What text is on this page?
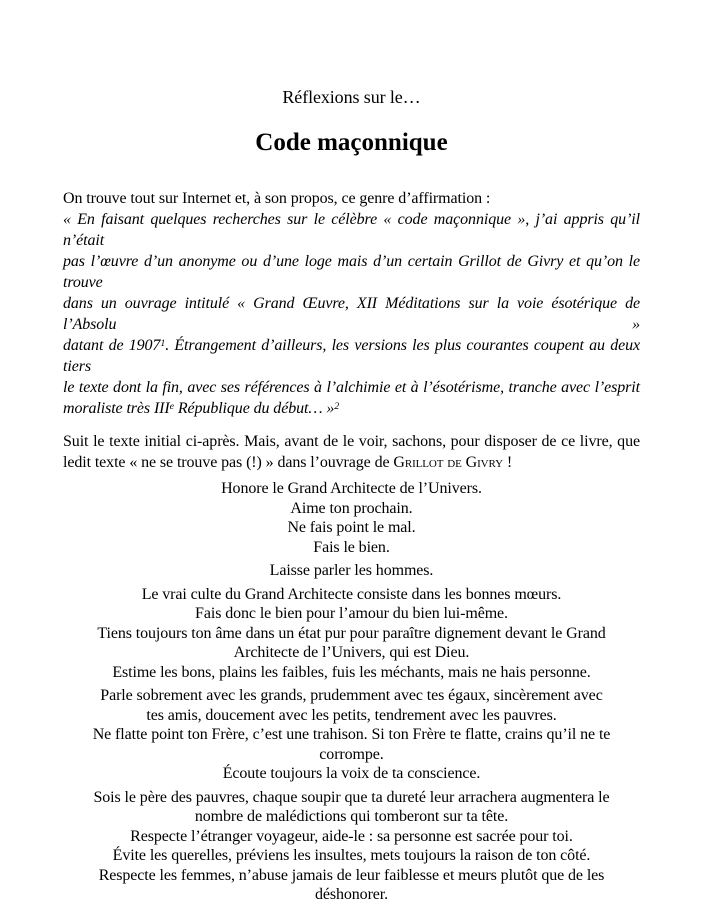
Réflexions sur le…
Code maçonnique
On trouve tout sur Internet et, à son propos, ce genre d’affirmation :
« En faisant quelques recherches sur le célèbre « code maçonnique », j’ai appris qu’il n’était
pas l’œuvre d’un anonyme ou d’une loge mais d’un certain Grillot de Givry et qu’on le trouve
dans un ouvrage intitulé « Grand Œuvre, XII Méditations sur la voie ésotérique de l’Absolu »
datant de 1907$^1$. Étrangement d’ailleurs, les versions les plus courantes coupent au deux tiers
le texte dont la fin, avec ses références à l’alchimie et à l’ésotérisme, tranche avec l’esprit
moraliste très IIIe République du début… »$^2$
Suit le texte initial ci-après. Mais, avant de le voir, sachons, pour disposer de ce livre, que
ledit texte « ne se trouve pas (!) » dans l’ouvrage de Grillot de Givry !
Honore le Grand Architecte de l’Univers.
Aime ton prochain.
Ne fais point le mal.
Fais le bien.
Laisse parler les hommes.
Le vrai culte du Grand Architecte consiste dans les bonnes mœurs.
Fais donc le bien pour l’amour du bien lui-même.
Tiens toujours ton âme dans un état pur pour paraître dignement devant le Grand
Architecte de l’Univers, qui est Dieu.
Estime les bons, plains les faibles, fuis les méchants, mais ne hais personne.
Parle sobrement avec les grands, prudemment avec tes égaux, sincèrement avec
tes amis, doucement avec les petits, tendrement avec les pauvres.
Ne flatte point ton Frère, c’est une trahison. Si ton Frère te flatte, crains qu’il ne te
corrompe.
Écoute toujours la voix de ta conscience.
Sois le père des pauvres, chaque soupir que ta dureté leur arrachera augmentera le
nombre de malédictions qui tomberont sur ta tête.
Respecte l’étranger voyageur, aide-le : sa personne est sacrée pour toi.
Évite les querelles, préviens les insultes, mets toujours la raison de ton côté.
Respecte les femmes, n’abuse jamais de leur faiblesse et meurs plutôt que de les
déshonorer.
